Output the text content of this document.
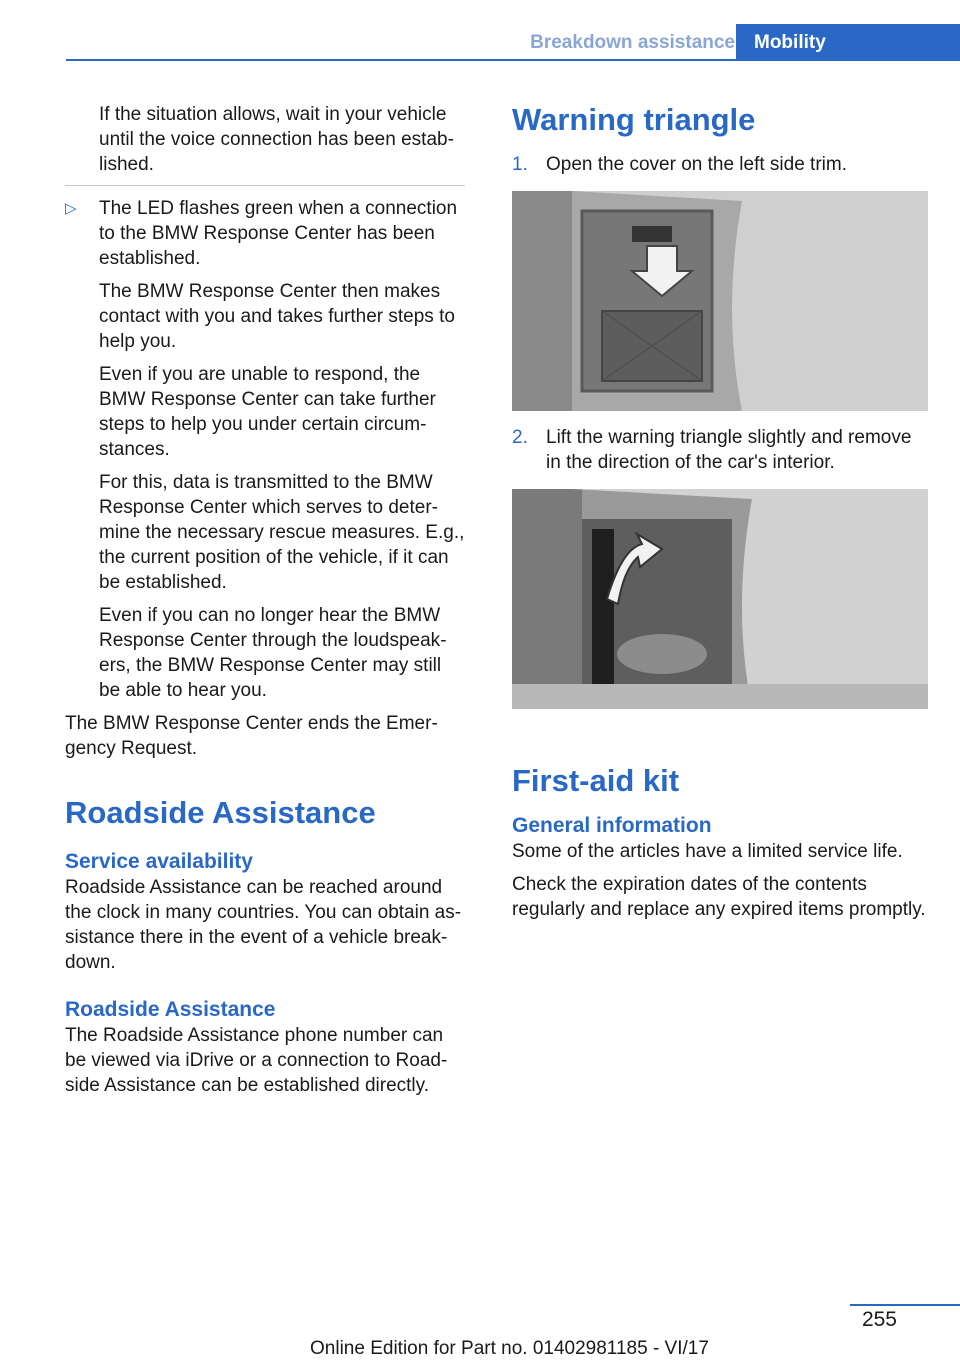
Breakdown assistance	Mobility

If the situation allows, wait in your vehicle until the voice connection has been established.

▷ The LED flashes green when a connection to the BMW Response Center has been established.

The BMW Response Center then makes contact with you and takes further steps to help you.

Even if you are unable to respond, the BMW Response Center can take further steps to help you under certain circumstances.

For this, data is transmitted to the BMW Response Center which serves to determine the necessary rescue measures. E.g., the current position of the vehicle, if it can be established.

Even if you can no longer hear the BMW Response Center through the loudspeakers, the BMW Response Center may still be able to hear you.

The BMW Response Center ends the Emergency Request.

Roadside Assistance
Service availability

Roadside Assistance can be reached around the clock in many countries. You can obtain assistance there in the event of a vehicle breakdown.

Roadside Assistance

The Roadside Assistance phone number can be viewed via iDrive or a connection to Roadside Assistance can be established directly.

Warning triangle
1. Open the cover on the left side trim.
2. Lift the warning triangle slightly and remove in the direction of the car's interior.
First-aid kit
General information

Some of the articles have a limited service life.

Check the expiration dates of the contents regularly and replace any expired items promptly.

255
Online Edition for Part no. 01402981185 - VI/17
